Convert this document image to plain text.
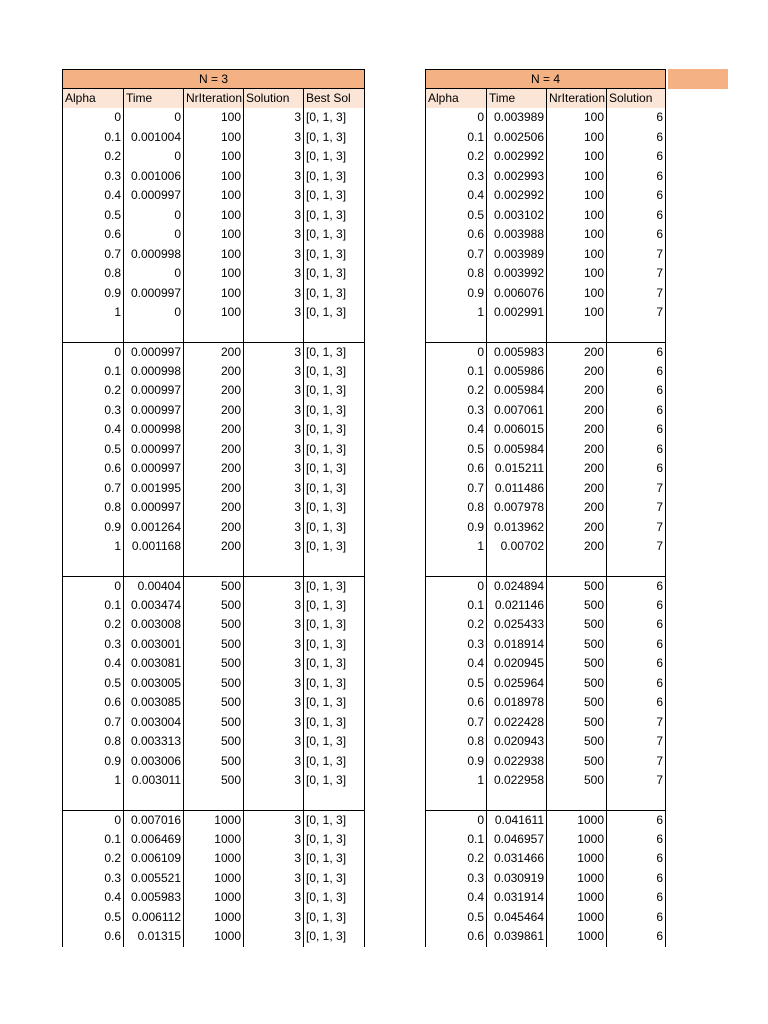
N = 3
Alpha	Time	NrIteration Solution	Best Sol
0	0	100	3 [0, 1, 3]
0.1 0.001004	100	3 [0, 1, 3]
0.2	0	100	3 [0, 1, 3]
0.3 0.001006	100	3 [0, 1, 3]
0.4 0.000997	100	3 [0, 1, 3]
0.5	0	100	3 [0, 1, 3]
0.6	0	100	3 [0, 1, 3]
0.7 0.000998	100	3 [0, 1, 3]
0.8	0	100	3 [0, 1, 3]
0.9 0.000997	100	3 [0, 1, 3]
1	0	100	3 [0, 1, 3]
0 0.000997	200	3 [0, 1, 3]
0.1 0.000998	200	3 [0, 1, 3]
0.2 0.000997	200	3 [0, 1, 3]
0.3 0.000997	200	3 [0, 1, 3]
0.4 0.000998	200	3 [0, 1, 3]
0.5 0.000997	200	3 [0, 1, 3]
0.6 0.000997	200	3 [0, 1, 3]
0.7 0.001995	200	3 [0, 1, 3]
0.8 0.000997	200	3 [0, 1, 3]
0.9 0.001264	200	3 [0, 1, 3]
1 0.001168	200	3 [0, 1, 3]
0	0.00404	500	3 [0, 1, 3]
0.1 0.003474	500	3 [0, 1, 3]
0.2 0.003008	500	3 [0, 1, 3]
0.3 0.003001	500	3 [0, 1, 3]
0.4 0.003081	500	3 [0, 1, 3]
0.5 0.003005	500	3 [0, 1, 3]
0.6 0.003085	500	3 [0, 1, 3]
0.7 0.003004	500	3 [0, 1, 3]
0.8 0.003313	500	3 [0, 1, 3]
0.9 0.003006	500	3 [0, 1, 3]
1 0.003011	500	3 [0, 1, 3]
0 0.007016	1000	3 [0, 1, 3]
0.1 0.006469	1000	3 [0, 1, 3]
0.2 0.006109	1000	3 [0, 1, 3]
0.3 0.005521	1000	3 [0, 1, 3]
0.4 0.005983	1000	3 [0, 1, 3]
0.5 0.006112	1000	3 [0, 1, 3]
0.6	0.01315	1000	3 [0, 1, 3]
N = 4
Alpha	Time	NrIteration Solution
0 0.003989	100	6
0.1 0.002506	100	6
0.2 0.002992	100	6
0.3 0.002993	100	6
0.4 0.002992	100	6
0.5 0.003102	100	6
0.6 0.003988	100	6
0.7 0.003989	100	7
0.8 0.003992	100	7
0.9 0.006076	100	7
1 0.002991	100	7
0 0.005983	200	6
0.1 0.005986	200	6
0.2 0.005984	200	6
0.3 0.007061	200	6
0.4 0.006015	200	6
0.5 0.005984	200	6
0.6 0.015211	200	6
0.7 0.011486	200	7
0.8 0.007978	200	7
0.9 0.013962	200	7
1	0.00702	200	7
0 0.024894	500	6
0.1 0.021146	500	6
0.2 0.025433	500	6
0.3 0.018914	500	6
0.4 0.020945	500	6
0.5 0.025964	500	6
0.6 0.018978	500	6
0.7 0.022428	500	7
0.8 0.020943	500	7
0.9 0.022938	500	7
1 0.022958	500	7
0 0.041611	1000	6
0.1 0.046957	1000	6
0.2 0.031466	1000	6
0.3 0.030919	1000	6
0.4 0.031914	1000	6
0.5 0.045464	1000	6
0.6 0.039861	1000	6
